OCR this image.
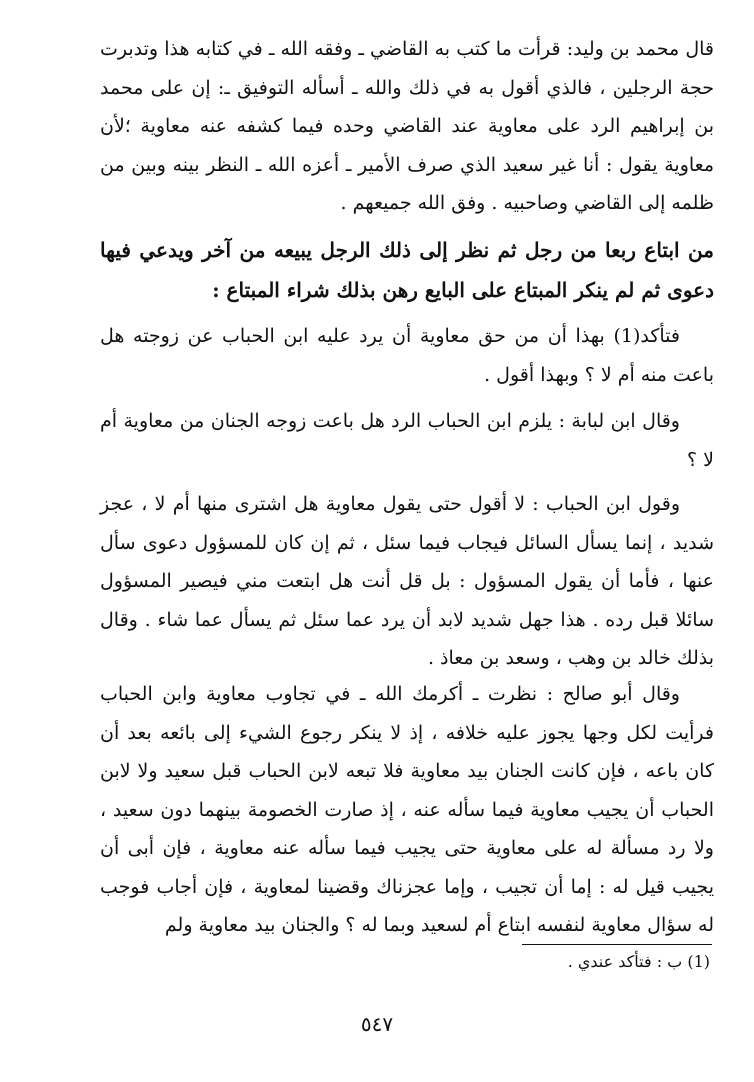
قال محمد بن وليد: قرأت ما كتب به القاضي ـ وفقه الله ـ في كتابه هذا وتدبرت حجة الرجلين ، فالذي أقول به في ذلك والله ـ أسأله التوفيق ـ: إن على محمد بن إبراهيم الرد على معاوية عند القاضي وحده فيما كشفه عنه معاوية ؛لأن معاوية يقول : أنا غير سعيد الذي صرف الأمير ـ أعزه الله ـ النظر بينه وبين من ظلمه إلى القاضي وصاحبيه . وفق الله جميعهم .
من ابتاع ربعا من رجل ثم نظر إلى ذلك الرجل يبيعه من آخر ويدعي فيها دعوى ثم لم ينكر المبتاع على البايع رهن بذلك شراء المبتاع :
فتأكد(1) بهذا أن من حق معاوية أن يرد عليه ابن الحباب عن زوجته هل باعت منه أم لا ؟ وبهذا أقول .
وقال ابن لبابة : يلزم ابن الحباب الرد هل باعت زوجه الجنان من معاوية أم لا ؟
وقول ابن الحباب : لا أقول حتى يقول معاوية هل اشترى منها أم لا ، عجز شديد ، إنما يسأل السائل فيجاب فيما سئل ، ثم إن كان للمسؤول دعوى سأل عنها ، فأما أن يقول المسؤول : بل قل أنت هل ابتعت مني فيصير المسؤول سائلا قبل رده . هذا جهل شديد لابد أن يرد عما سئل ثم يسأل عما شاء . وقال بذلك خالد بن وهب ، وسعد بن معاذ .
وقال أبو صالح : نظرت ـ أكرمك الله ـ في تجاوب معاوية وابن الحباب فرأيت لكل وجها يجوز عليه خلافه ، إذ لا ينكر رجوع الشيء إلى بائعه بعد أن كان باعه ، فإن كانت الجنان بيد معاوية فلا تبعه لابن الحباب قبل سعيد ولا لابن الحباب أن يجيب معاوية فيما سأله عنه ، إذ صارت الخصومة بينهما دون سعيد ، ولا رد مسألة له على معاوية حتى يجيب فيما سأله عنه معاوية ، فإن أبى أن يجيب قيل له : إما أن تجيب ، وإما عجزناك وقضينا لمعاوية ، فإن أجاب فوجب له سؤال معاوية لنفسه ابتاع أم لسعيد وبما له ؟ والجنان بيد معاوية ولم
(1) ب : فتأكد عندي .
٥٤٧
